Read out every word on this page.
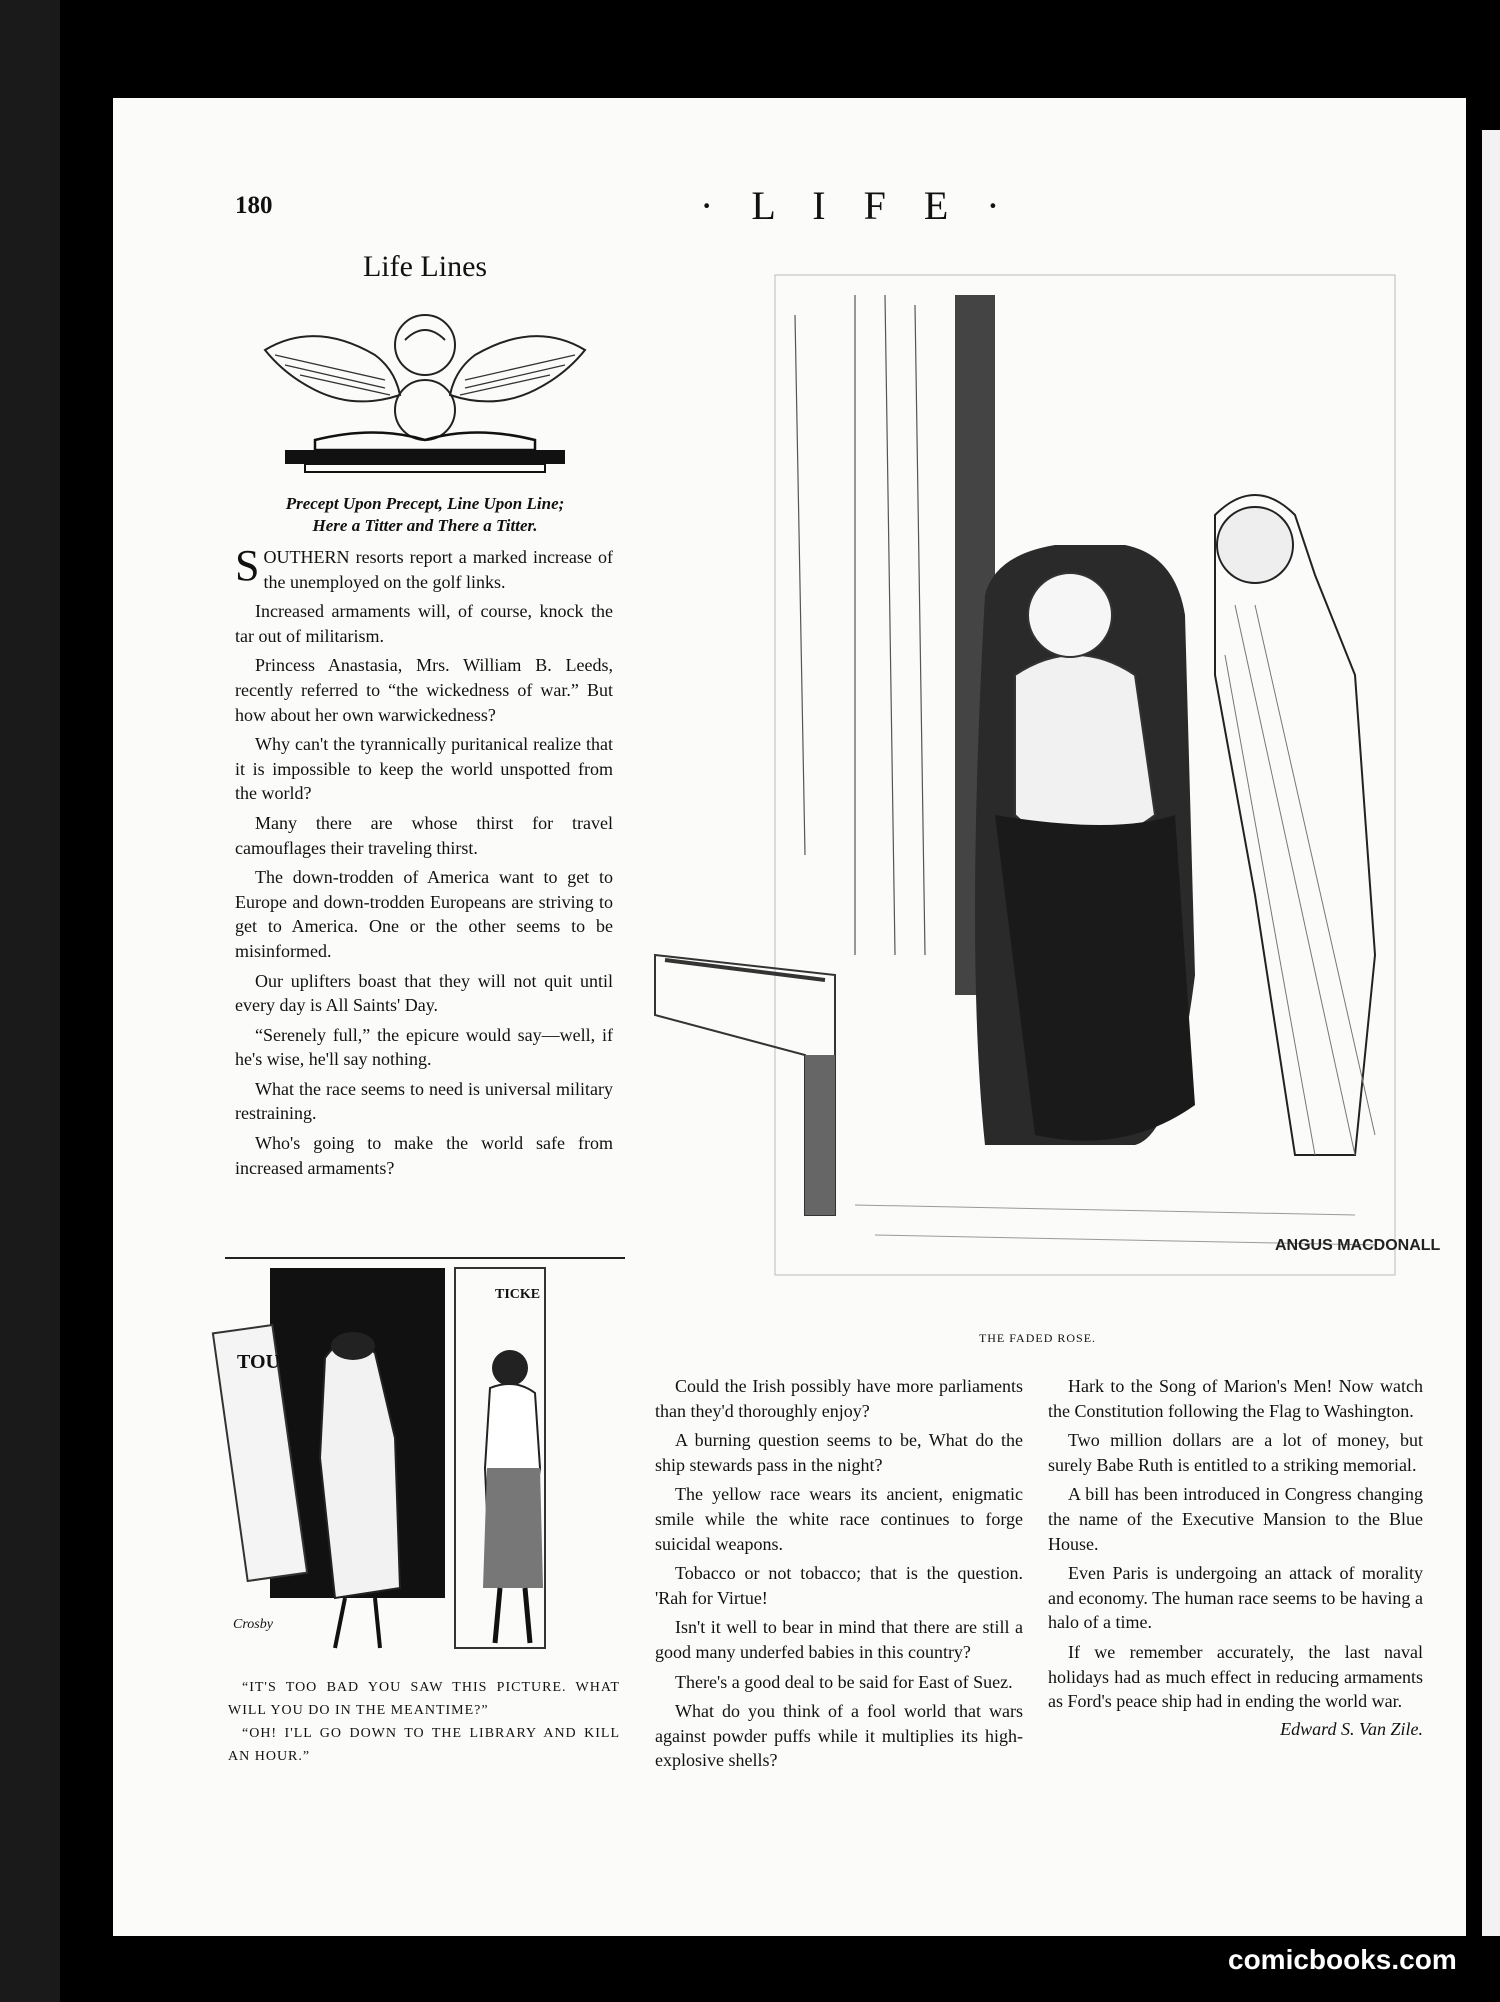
180	· L I F E ·
Life Lines
Precept Upon Precept, Line Upon Line;
Here a Titter and There a Titter.

SOUTHERN resorts report a marked increase of the unemployed on the golf links.

Increased armaments will, of course, knock the tar out of militarism.

Princess Anastasia, Mrs. William B. Leeds, recently referred to “the wickedness of war.” But how about her own warwickedness?

Why can't the tyrannically puritanical realize that it is impossible to keep the world unspotted from the world?

Many there are whose thirst for travel camouflages their traveling thirst.

The down-trodden of America want to get to Europe and down-trodden Europeans are striving to get to America. One or the other seems to be misinformed.

Our uplifters boast that they will not quit until every day is All Saints' Day.

“Serenely full,” the epicure would say—well, if he's wise, he'll say nothing.

What the race seems to need is universal military restraining.

Who's going to make the world safe from increased armaments?

ANGUS MACDONALL
THE FADED ROSE.
TOUR
TICKE
Crosby
“IT'S TOO BAD YOU SAW THIS PICTURE. WHAT WILL YOU DO IN THE MEANTIME?”
“OH! I'LL GO DOWN TO THE LIBRARY AND KILL AN HOUR.”

Could the Irish possibly have more parliaments than they'd thoroughly enjoy?

A burning question seems to be, What do the ship stewards pass in the night?

The yellow race wears its ancient, enigmatic smile while the white race continues to forge suicidal weapons.

Tobacco or not tobacco; that is the question. 'Rah for Virtue!

Isn't it well to bear in mind that there are still a good many underfed babies in this country?

There's a good deal to be said for East of Suez.

What do you think of a fool world that wars against powder puffs while it multiplies its high-explosive shells?

Hark to the Song of Marion's Men! Now watch the Constitution following the Flag to Washington.

Two million dollars are a lot of money, but surely Babe Ruth is entitled to a striking memorial.

A bill has been introduced in Congress changing the name of the Executive Mansion to the Blue House.

Even Paris is undergoing an attack of morality and economy. The human race seems to be having a halo of a time.

If we remember accurately, the last naval holidays had as much effect in reducing armaments as Ford's peace ship had in ending the world war.

Edward S. Van Zile.
comicbooks.com
